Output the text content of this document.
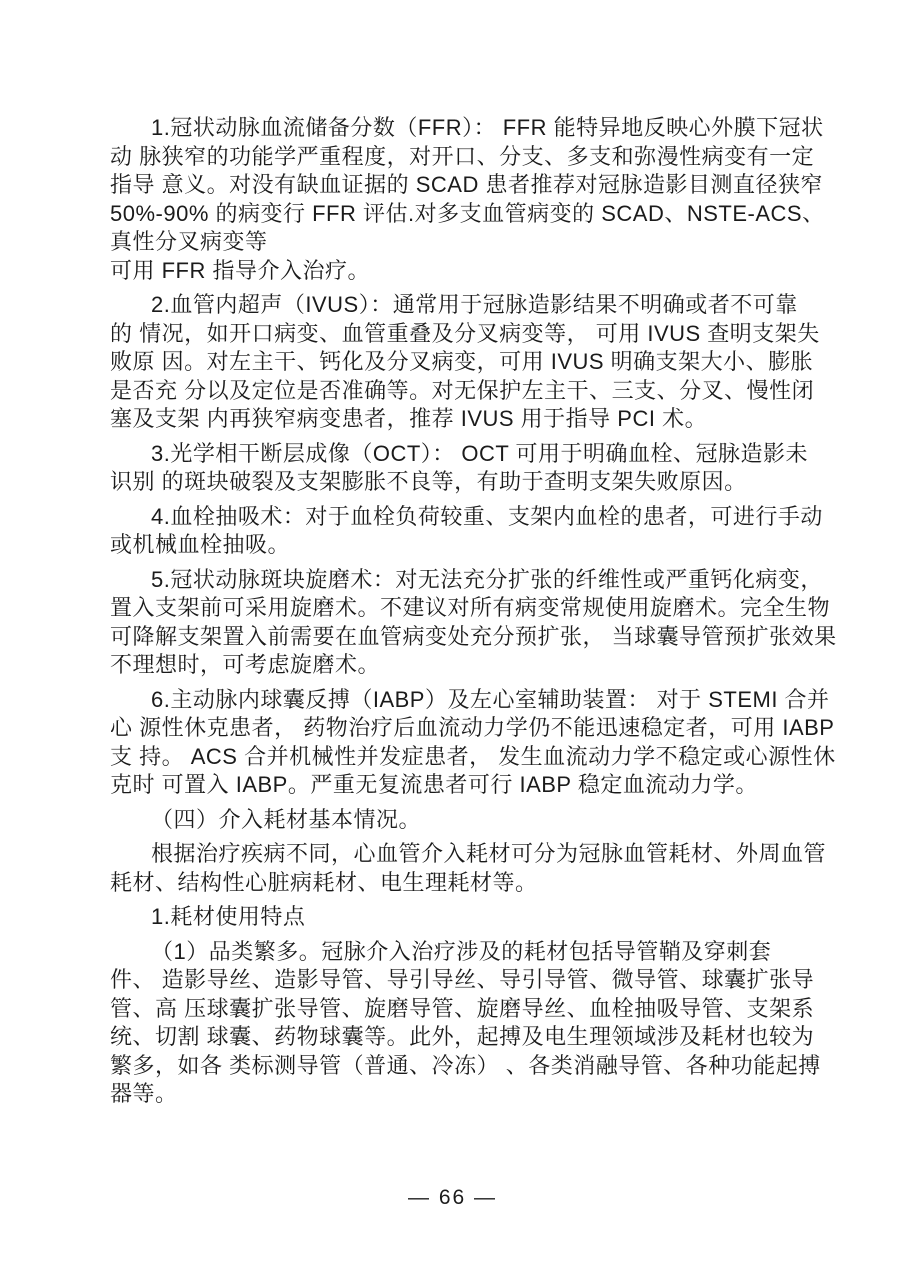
1.冠状动脉血流储备分数（FFR）： FFR 能特异地反映心外膜下冠状
动 脉狭窄的功能学严重程度，对开口、分支、多支和弥漫性病变有一定
指导 意义。对没有缺血证据的 SCAD 患者推荐对冠脉造影目测直径狭窄
50%-90% 的病变行 FFR 评估.对多支血管病变的 SCAD、NSTE-ACS、
真性分叉病变等
可用 FFR 指导介入治疗。
2.血管内超声（IVUS）：通常用于冠脉造影结果不明确或者不可靠
的 情况，如开口病变、血管重叠及分叉病变等， 可用 IVUS 查明支架失
败原 因。对左主干、钙化及分叉病变，可用 IVUS 明确支架大小、膨胀
是否充 分以及定位是否准确等。对无保护左主干、三支、分叉、慢性闭
塞及支架 内再狭窄病变患者，推荐 IVUS 用于指导 PCI 术。
3.光学相干断层成像（OCT）： OCT 可用于明确血栓、冠脉造影未
识别 的斑块破裂及支架膨胀不良等，有助于查明支架失败原因。
4.血栓抽吸术：对于血栓负荷较重、支架内血栓的患者，可进行手动
或机械血栓抽吸。
5.冠状动脉斑块旋磨术：对无法充分扩张的纤维性或严重钙化病变，
置入支架前可采用旋磨术。不建议对所有病变常规使用旋磨术。完全生物
可降解支架置入前需要在血管病变处充分预扩张， 当球囊导管预扩张效果
不理想时，可考虑旋磨术。
6.主动脉内球囊反搏（IABP）及左心室辅助装置： 对于 STEMI 合并
心 源性休克患者， 药物治疗后血流动力学仍不能迅速稳定者，可用 IABP
支 持。 ACS 合并机械性并发症患者， 发生血流动力学不稳定或心源性休
克时 可置入 IABP。严重无复流患者可行 IABP 稳定血流动力学。
（四）介入耗材基本情况。
根据治疗疾病不同，心血管介入耗材可分为冠脉血管耗材、外周血管
耗材、结构性心脏病耗材、电生理耗材等。
1.耗材使用特点
（1）品类繁多。冠脉介入治疗涉及的耗材包括导管鞘及穿刺套
件、 造影导丝、造影导管、导引导丝、导引导管、微导管、球囊扩张导
管、高 压球囊扩张导管、旋磨导管、旋磨导丝、血栓抽吸导管、支架系
统、切割 球囊、药物球囊等。此外，起搏及电生理领域涉及耗材也较为
繁多，如各 类标测导管（普通、冷冻） 、各类消融导管、各种功能起搏
器等。
— 66 —
